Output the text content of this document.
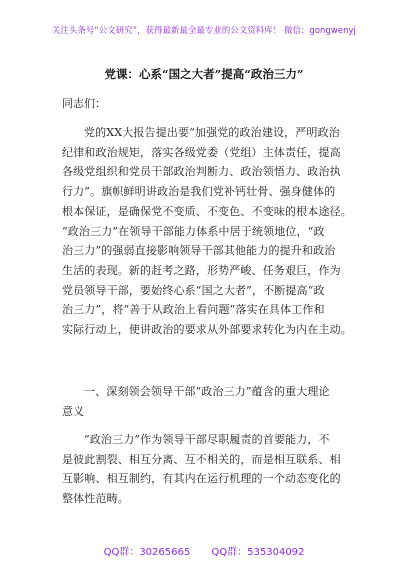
关注头条号“公文研究”，获得最新最全最专业的公文资料库！ 微信：gongwenyj
党课：心系“国之大者”提高“政治三力”
同志们：

党的XX大报告提出要“加强党的政治建设，严明政治
纪律和政治规矩，落实各级党委（党组）主体责任，提高
各级党组织和党员干部政治判断力、政治领悟力、政治执
行力”。旗帜鲜明讲政治是我们党补钙壮骨、强身健体的
根本保证，是确保党不变质、不变色、不变味的根本途径。
“政治三力”在领导干部能力体系中居于统领地位，“政
治三力”的强弱直接影响领导干部其他能力的提升和政治
生活的表现。新的赶考之路，形势严峻、任务艰巨，作为
党员领导干部，要始终心系“国之大者”，不断提高“政
治三力”，将“善于从政治上看问题”落实在具体工作和
实际行动上，使讲政治的要求从外部要求转化为内在主动。

一、深刻领会领导干部“政治三力”蕴含的重大理论
意义

“政治三力”作为领导干部尽职履责的首要能力，不
是彼此割裂、相互分离、互不相关的，而是相互联系、相
互影响、相互制约，有其内在运行机理的一个动态变化的
整体性范畴。

QQ群：30265665 QQ群：535304092
